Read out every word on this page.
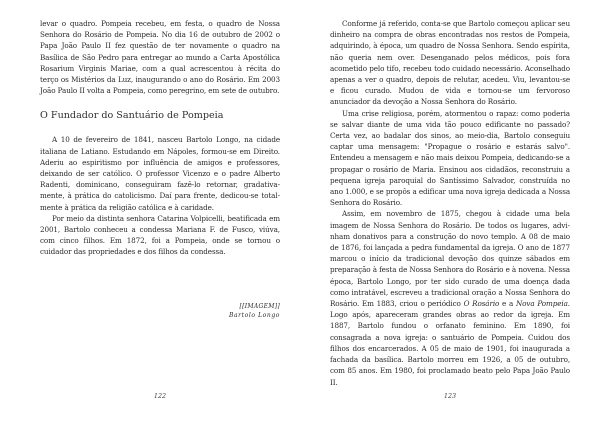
levar o quadro. Pompeia recebeu, em festa, o quadro de Nossa Senhora do Rosário de Pompeia. No dia 16 de outubro de 2002 o Papa João Paulo II fez questão de ter novamente o quadro na Basílica de São Pedro para entregar ao mundo a Carta Apostólica Rosarium Virginis Mariae, com a qual acrescentou à récita do terço os Mistérios da Luz, inaugurando o ano do Rosário. Em 2003 João Paulo II volta a Pompeia, como peregrino, em sete de outubro.

O Fundador do Santuário de Pompeia

A 10 de fevereiro de 1841, nasceu Bartolo Longo, na cidade italiana de Latiano. Estudando em Nápoles, formou-se em Direito. Aderiu ao espiritismo por influência de amigos e professores, deixando de ser católico. O professor Vicenzo e o padre Alberto Radenti, dominicano, conseguiram fazê-lo retornar, gradativamente, à prática do catolicismo. Daí para frente, dedicou-se totalmente à prática da religião católica e à caridade.

Por meio da distinta senhora Catarina Volpicelli, beatificada em 2001, Bartolo conheceu a condessa Mariana F. de Fusco, viúva, com cinco filhos. Em 1872, foi a Pompeia, onde se tornou o cuidador das propriedades e dos filhos da condessa.

[[IMAGEM]]
Bartolo Longo
122

Conforme já referido, conta-se que Bartolo começou aplicar seu dinheiro na compra de obras encontradas nos restos de Pompeia, adquirindo, à época, um quadro de Nossa Senhora. Sendo espírita, não queria nem over. Desenganado pelos médicos, pois fora acometido pelo tifo, recebeu todo cuidado necessário. Aconselhado apenas a ver o quadro, depois de relutar, acedeu. Viu, levantou-se e ficou curado. Mudou de vida e tornou-se um fervoroso anunciador da devoção a Nossa Senhora do Rosário.

Uma crise religiosa, porém, atormentou o rapaz: como poderia se salvar diante de uma vida tão pouco edificante no passado? Certa vez, ao badalar dos sinos, ao meio-dia, Bartolo conseguiu captar uma mensagem: "Propague o rosário e estarás salvo". Entendeu a mensagem e não mais deixou Pompeia, dedicando-se a propagar o rosário de Maria. Ensinou aos cidadãos, reconstruiu a pequena igreja paroquial do Santíssimo Salvador, construída no ano 1.000, e se propôs a edificar uma nova igreja dedicada a Nossa Senhora do Rosário.

Assim, em novembro de 1875, chegou à cidade uma bela imagem de Nossa Senhora do Rosário. De todos os lugares, advinham donativos para a construção do novo templo. A 08 de maio de 1876, foi lançada a pedra fundamental da igreja. O ano de 1877 marcou o início da tradicional devoção dos quinze sábados em preparação à festa de Nossa Senhora do Rosário e à novena. Nessa época, Bartolo Longo, por ter sido curado de uma doença dada como intratável, escreveu a tradicional oração a Nossa Senhora do Rosário. Em 1883, criou o periódico O Rosário e a Nova Pompeia. Logo após, apareceram grandes obras ao redor da igreja. Em 1887, Bartolo fundou o orfanato feminino. Em 1890, foi consagrada a nova igreja: o santuário de Pompeia. Cuidou dos filhos dos encarcerados. A 05 de maio de 1901, foi inaugurada a fachada da basílica. Bartolo morreu em 1926, a 05 de outubro, com 85 anos. Em 1980, foi proclamado beato pelo Papa João Paulo II.

123
